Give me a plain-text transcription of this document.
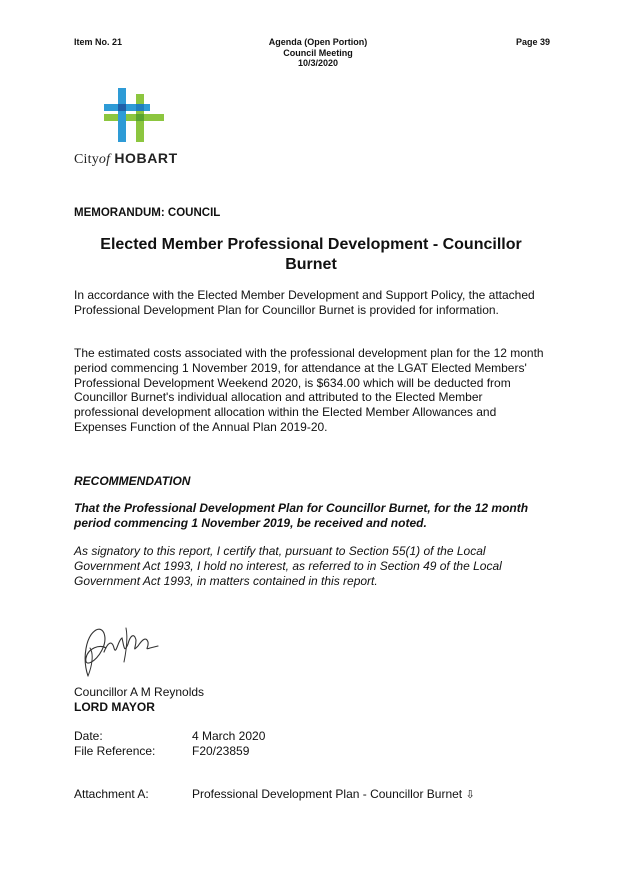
Item No. 21	Agenda (Open Portion)
Council Meeting
10/3/2020
Page 39
Cityof HOBART
MEMORANDUM: COUNCIL
Elected Member Professional Development - Councillor
Burnet
In accordance with the Elected Member Development and Support Policy, the attached Professional Development Plan for Councillor Burnet is provided for information.
The estimated costs associated with the professional development plan for the 12 month period commencing 1 November 2019, for attendance at the LGAT Elected Members' Professional Development Weekend 2020, is $634.00 which will be deducted from Councillor Burnet's individual allocation and attributed to the Elected Member professional development allocation within the Elected Member Allowances and Expenses Function of the Annual Plan 2019-20.
RECOMMENDATION
That the Professional Development Plan for Councillor Burnet, for the 12 month period commencing 1 November 2019, be received and noted.
As signatory to this report, I certify that, pursuant to Section 55(1) of the Local Government Act 1993, I hold no interest, as referred to in Section 49 of the Local Government Act 1993, in matters contained in this report.
Councillor A M Reynolds
LORD MAYOR
Date:	4 March 2020
File Reference:	F20/23859
Attachment A:	Professional Development Plan - Councillor Burnet ⇩
